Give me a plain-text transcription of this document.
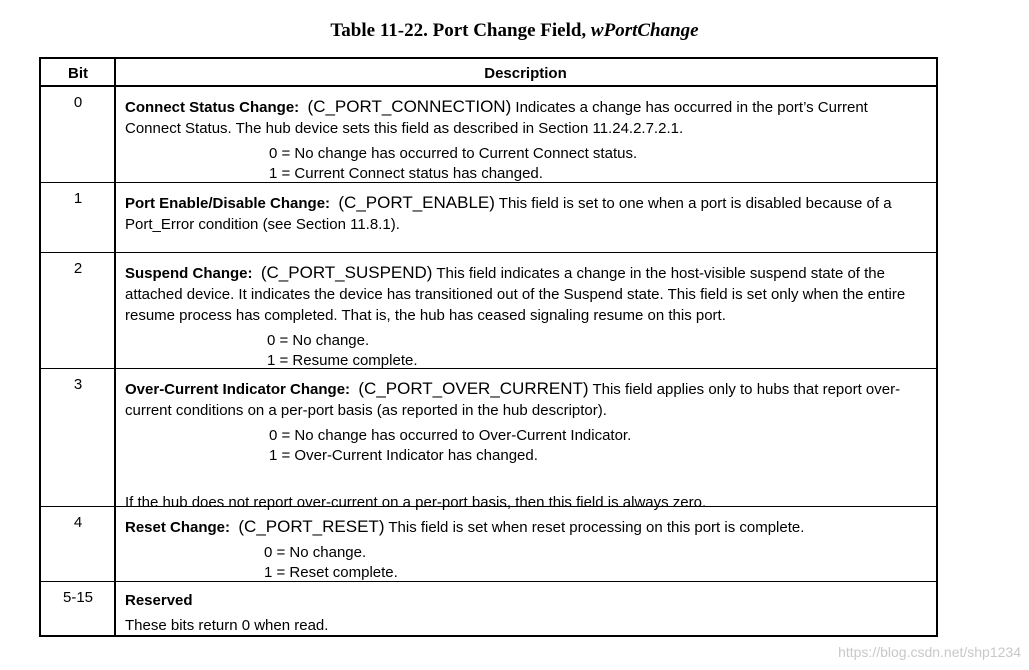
Table 11-22. Port Change Field, wPortChange
Bit	Description
0	Connect Status Change: (C_PORT_CONNECTION) Indicates a change has occurred in the port’s Current Connect Status. The hub device sets this field as described in Section 11.24.2.7.2.1.
0 = No change has occurred to Current Connect status.
1 = Current Connect status has changed.
1	Port Enable/Disable Change: (C_PORT_ENABLE) This field is set to one when a port is disabled because of a Port_Error condition (see Section 11.8.1).
2	Suspend Change: (C_PORT_SUSPEND) This field indicates a change in the host-visible suspend state of the attached device. It indicates the device has transitioned out of the Suspend state. This field is set only when the entire resume process has completed. That is, the hub has ceased signaling resume on this port.
0 = No change.
1 = Resume complete.
3	Over-Current Indicator Change: (C_PORT_OVER_CURRENT) This field applies only to hubs that report over-current conditions on a per-port basis (as reported in the hub descriptor).
0 = No change has occurred to Over-Current Indicator.
1 = Over-Current Indicator has changed.
If the hub does not report over-current on a per-port basis, then this field is always zero.
4	Reset Change: (C_PORT_RESET) This field is set when reset processing on this port is complete.
0 = No change.
1 = Reset complete.
5-15	Reserved
These bits return 0 when read.
https://blog.csdn.net/shp1234
